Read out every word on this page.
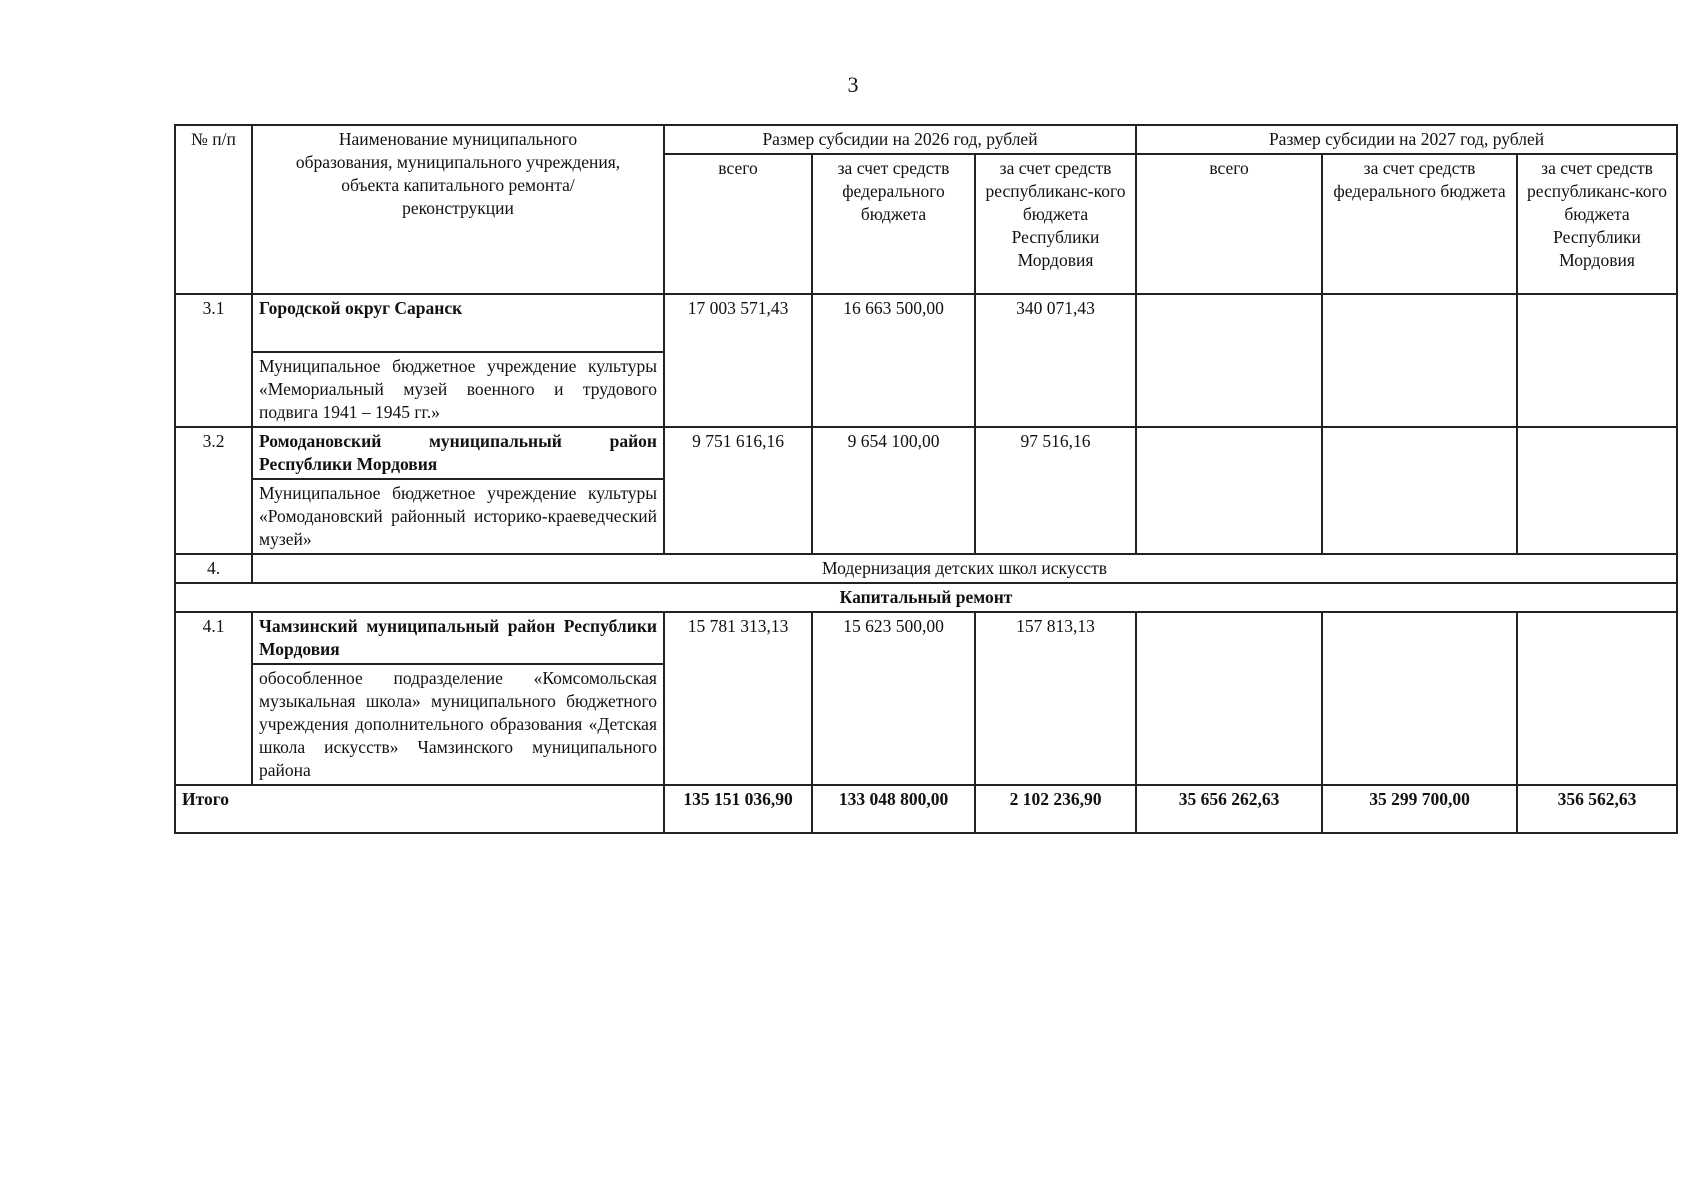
3
№ п/п	Наименование муниципального образования, муниципального учреждения, объекта капитального ремонта/ реконструкции	Размер субсидии на 2026 год, рублей			Размер субсидии на 2027 год, рублей		
		всего	за счет средств федерального бюджета	за счет средств республиканс-кого бюджета Республики Мордовия	всего	за счет средств федерального бюджета	за счет средств республиканс-кого бюджета Республики Мордовия
3.1	Городской округ Саранск	17 003 571,43	16 663 500,00	340 071,43			
	Муниципальное бюджетное учреждение культуры «Мемориальный музей военного и трудового подвига 1941 – 1945 гг.»						
3.2	Ромодановский муниципальный район Республики Мордовия	9 751 616,16	9 654 100,00	97 516,16			
	Муниципальное бюджетное учреждение культуры «Ромодановский районный историко-краеведческий музей»						
4.	Модернизация детских школ искусств						
Капитальный ремонт							
4.1	Чамзинский муниципальный район Республики Мордовия	15 781 313,13	15 623 500,00	157 813,13			
	обособленное подразделение «Комсомольская музыкальная школа» муниципального бюджетного учреждения дополнительного образования «Детская школа искусств» Чамзинского муниципального района						
Итого		135 151 036,90	133 048 800,00	2 102 236,90	35 656 262,63	35 299 700,00	356 562,63
